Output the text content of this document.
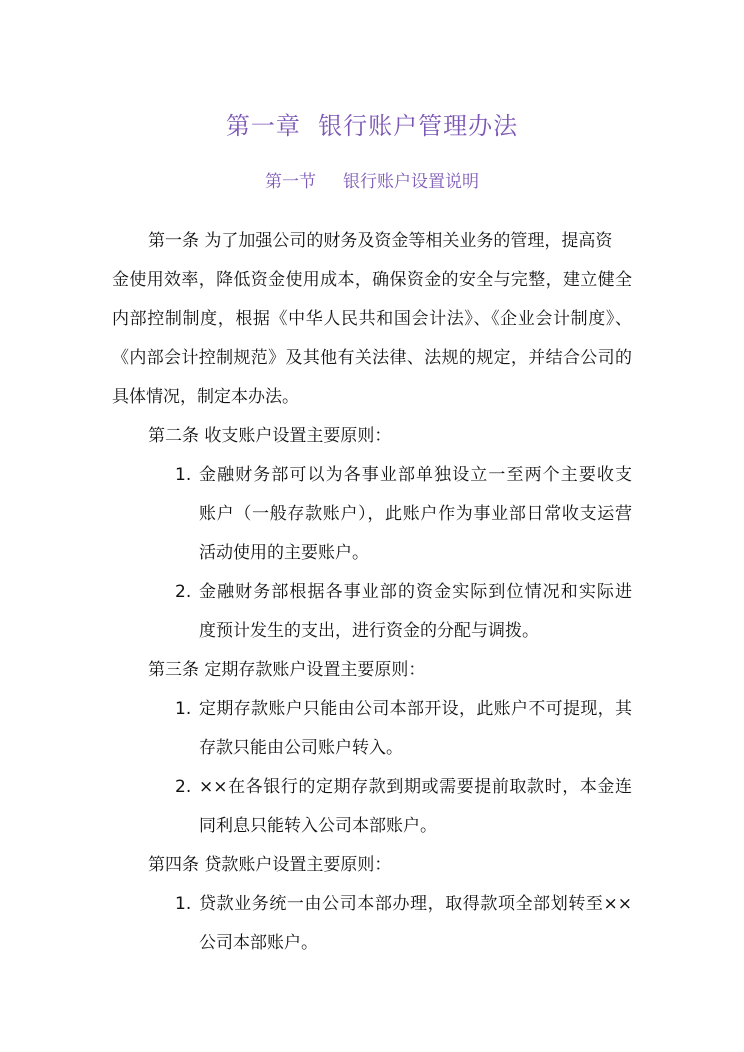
第一章  银行账户管理办法
第一节     银行账户设置说明
第一条 为了加强公司的财务及资金等相关业务的管理，提高资
金使用效率，降低资金使用成本，确保资金的安全与完整，建立健全
内部控制制度，根据《中华人民共和国会计法》、《企业会计制度》、
《内部会计控制规范》及其他有关法律、法规的规定，并结合公司的
具体情况，制定本办法。
第二条 收支账户设置主要原则：
1. 金融财务部可以为各事业部单独设立一至两个主要收支
账户（一般存款账户），此账户作为事业部日常收支运营
活动使用的主要账户。
2. 金融财务部根据各事业部的资金实际到位情况和实际进
度预计发生的支出，进行资金的分配与调拨。
第三条 定期存款账户设置主要原则：
1. 定期存款账户只能由公司本部开设，此账户不可提现，其
存款只能由公司账户转入。
2. ××在各银行的定期存款到期或需要提前取款时，本金连
同利息只能转入公司本部账户。
第四条 贷款账户设置主要原则：
1. 贷款业务统一由公司本部办理，取得款项全部划转至××
公司本部账户。
